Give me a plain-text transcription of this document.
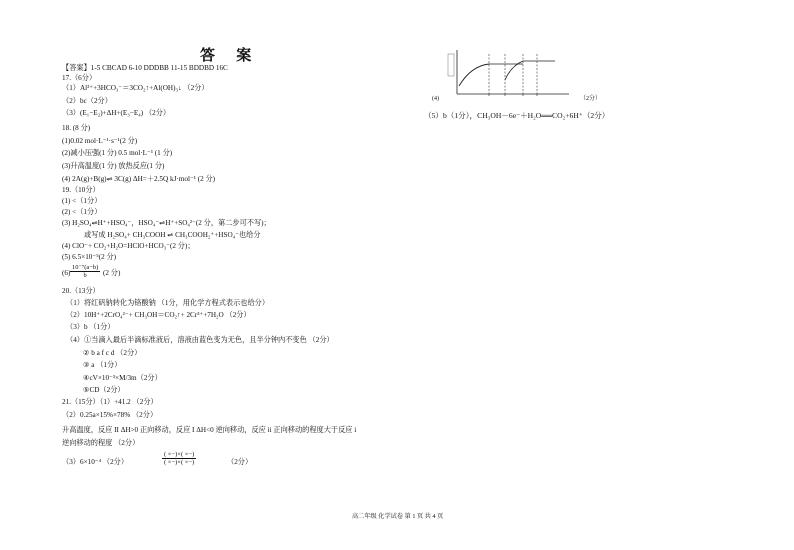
答 案
【答案】1-5 CBCAD 6-10 DDDBB 11-15 BDDBD 16C
17.（6分）
（1）Al³⁺+3HCO₃⁻＝3CO₂↑+Al(OH)₃↓ （2分）
（2）bc（2分）
（3）(E₁−E₂)+ΔH+(E₃−E₄) （2分）
18. (8 分)
(1)0.02 mol·L⁻¹·s⁻¹(2 分)
(2)减小压强(1 分) 0.5 mol·L⁻¹ (1 分)
(3)升高温度(1 分) 放热反应(1 分)
(4) 2A(g)+B(g)⇌ 3C(g) ΔH=＋2.5Q kJ·mol⁻¹ (2 分)
19.（10分）
(1) <（1分）
(2) <（1分）
(3) H₂SO₄⇌H⁺+HSO₄⁻，HSO₄⁻⇌H⁺+SO₄²⁻(2 分，第二步可不写)；
或写成 H₂SO₄+ CH₃COOH ⇌ CH₃COOH₂⁺+HSO₄⁻也给分
(4) ClO⁻+ CO₂+H₂O=HClO+HCO₃⁻(2 分)；
(5) 6.5×10⁻⁵(2 分)
$(6) \frac{\text{10⁻⁷(a−b)}}{b} (2$ 分)
20.（13分）
（1）将红矾钠转化为铬酸钠 （1分，用化学方程式表示也给分）
（2）10H⁺+2CrO₄²⁻+ CH₃OH＝CO₂↑+ 2Cr³⁺+7H₂O （2分）
（3）b （1分）
（4）①当滴入最后半滴标准液后，溶液由蓝色变为无色，且半分钟内不变色 （2分）
② b a f c d （2分）
③ a （1分）
④cV×10⁻³×M/3m（2分）
⑤CD（2分）
21.（15分）（1）+41.2 （2分）
（2）0.25a×15%×78% （2分）
升高温度，反应 II ΔH>0 正向移动，反应 I ΔH<0 逆向移动，反应 ii 正向移动的程度大于反应 i
逆向移动的程度 （2分）
（3）6×10⁻⁴ （2分）
( ×−)×( ×−)
( ×−)×( ×−)	（2分）
(4)	（2分）
（5）b（1分），CH₃OH－6e⁻＋H₂O══CO₂+6H⁺（2分）
高二年级 化学试卷 第 1 页 共 4 页
